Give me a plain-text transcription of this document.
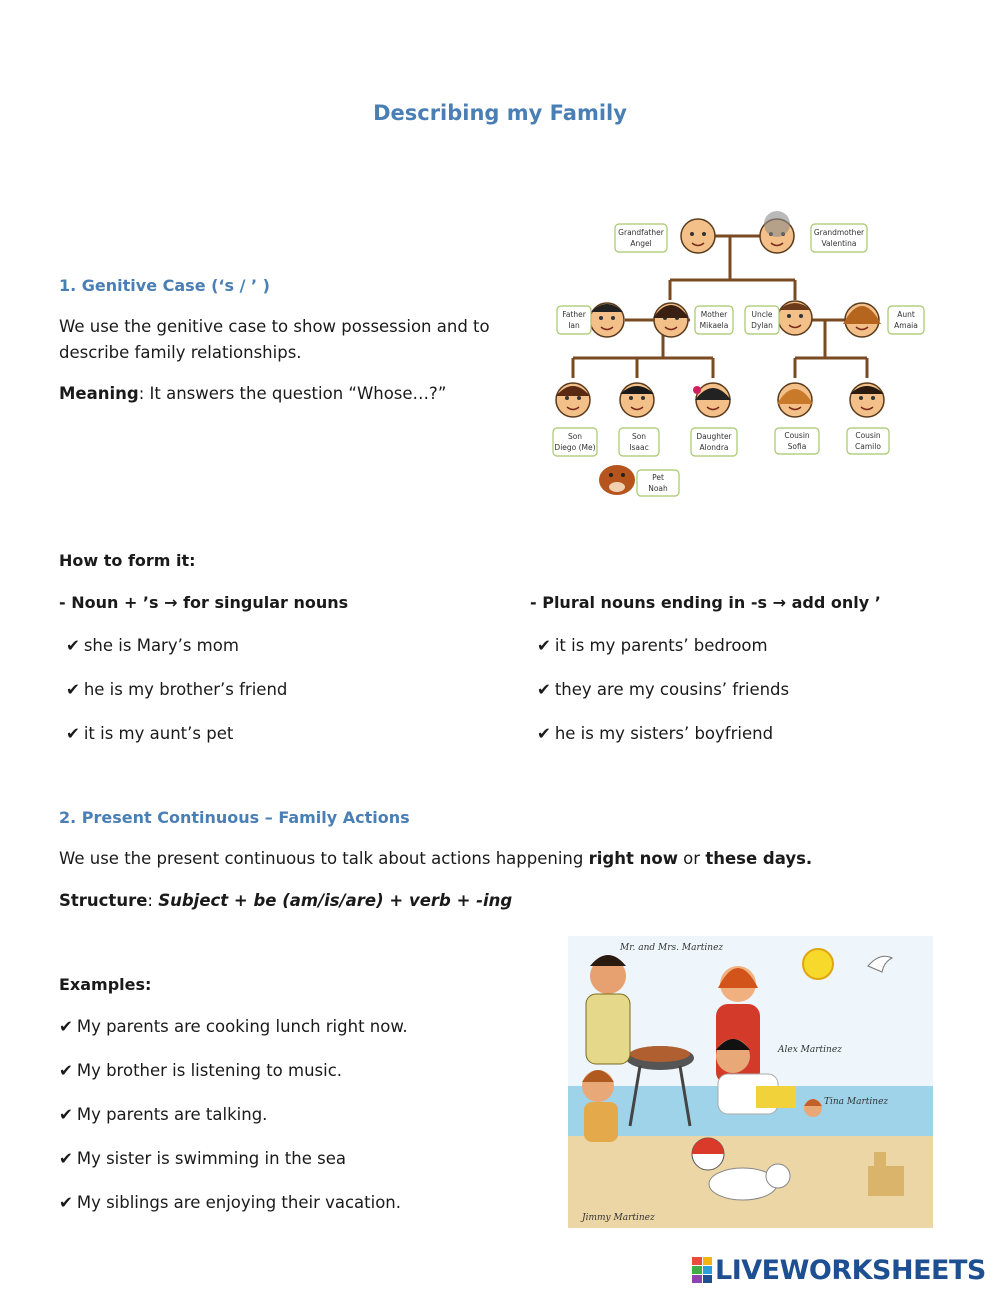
Describing my Family
1. Genitive Case (‘s / ’ )
We use the genitive case to show possession and to
describe family relationships.
Meaning: It answers the question “Whose…?”
Grandfather
Angel
Grandmother
Valentina
Father
Ian
Mother
Mikaela
Uncle
Dylan
Aunt
Amaia
Son
Diego (Me)
Son
Isaac
Daughter
Alondra
Cousin
Sofia
Cousin
Camilo
Pet
Noah
How to form it:
- Noun + ’s → for singular nouns
✔ she is Mary’s mom
✔ he is my brother’s friend
✔ it is my aunt’s pet
- Plural nouns ending in -s → add only ’
✔ it is my parents’ bedroom
✔ they are my cousins’ friends
✔ he is my sisters’ boyfriend
2. Present Continuous – Family Actions
We use the present continuous to talk about actions happening right now or these days.
Structure: Subject + be (am/is/are) + verb + -ing
Examples:
✔ My parents are cooking lunch right now.
✔ My brother is listening to music.
✔ My parents are talking.
✔ My sister is swimming in the sea
✔ My siblings are enjoying their vacation.
Mr. and Mrs. Martinez
Alex Martinez
Tina Martinez
Jimmy Martinez
LIVEWORKSHEETS
